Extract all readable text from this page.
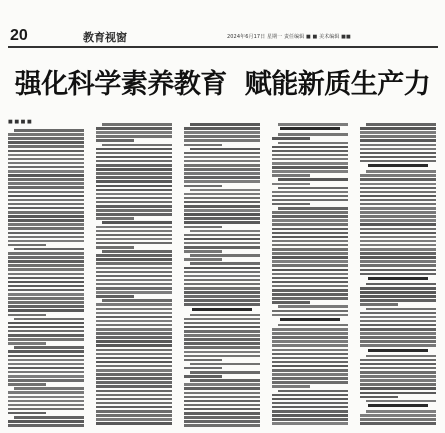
20	教育视窗	2024年6月17日 星期一 责任编辑 ■ ■ 美术编辑 ■■
强化科学素养教育 赋能新质生产力
■ ■ ■ ■
